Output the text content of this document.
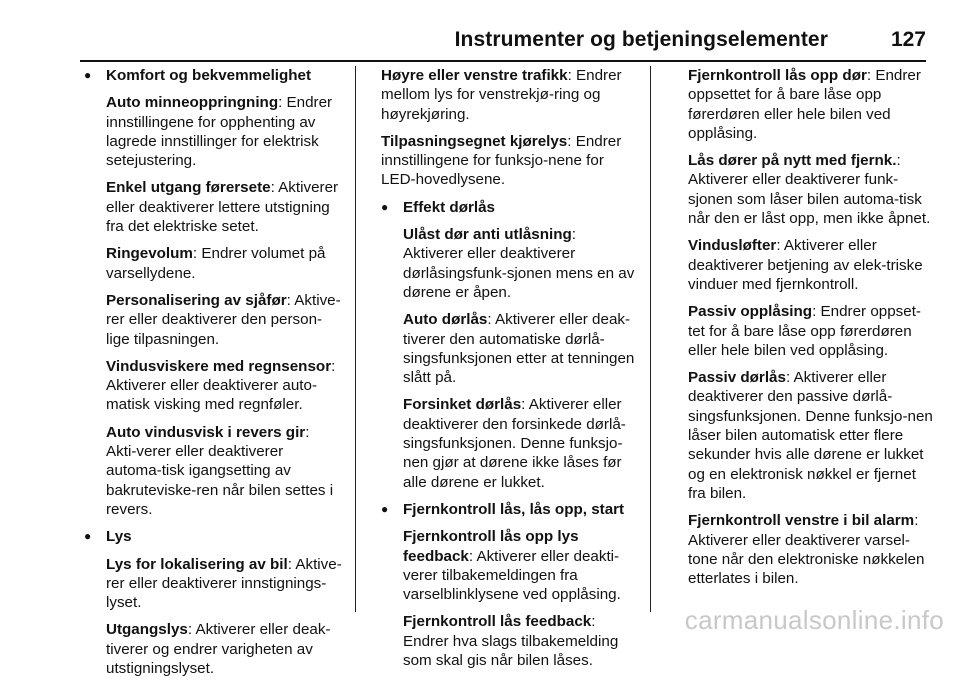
Instrumenter og betjeningselementer	127
● Komfort og bekvemmelighet
Auto minneoppringning: Endrer innstillingene for opphenting av lagrede innstillinger for elektrisk setejustering.
Enkel utgang førersete: Aktiverer eller deaktiverer lettere utstigning fra det elektriske setet.
Ringevolum: Endrer volumet på varsellydene.
Personalisering av sjåfør: Aktive-rer eller deaktiverer den person-lige tilpasningen.
Vindusviskere med regnsensor: Aktiverer eller deaktiverer auto-matisk visking med regnføler.
Auto vindusvisk i revers gir: Akti-verer eller deaktiverer automa-tisk igangsetting av bakruteviske-ren når bilen settes i revers.
● Lys
Lys for lokalisering av bil: Aktive-rer eller deaktiverer innstignings-lyset.
Utgangslys: Aktiverer eller deak-tiverer og endrer varigheten av utstigningslyset.
Høyre eller venstre trafikk: Endrer mellom lys for venstrekjø-ring og høyrekjøring.
Tilpasningsegnet kjørelys: Endrer innstillingene for funksjo-nene for LED-hovedlysene.
● Effekt dørlås
Ulåst dør anti utlåsning: Aktiverer eller deaktiverer dørlåsingsfunk-sjonen mens en av dørene er åpen.
Auto dørlås: Aktiverer eller deak-tiverer den automatiske dørlå-singsfunksjonen etter at tenningen slått på.
Forsinket dørlås: Aktiverer eller deaktiverer den forsinkede dørlå-singsfunksjonen. Denne funksjo-nen gjør at dørene ikke låses før alle dørene er lukket.
● Fjernkontroll lås, lås opp, start
Fjernkontroll lås opp lys feedback: Aktiverer eller deakti-verer tilbakemeldingen fra varselblinklysene ved opplåsing.
Fjernkontroll lås feedback: Endrer hva slags tilbakemelding som skal gis når bilen låses.
Fjernkontroll lås opp dør: Endrer oppsettet for å bare låse opp førerdøren eller hele bilen ved opplåsing.
Lås dører på nytt med fjernk.: Aktiverer eller deaktiverer funk-sjonen som låser bilen automa-tisk når den er låst opp, men ikke åpnet.
Vindusløfter: Aktiverer eller deaktiverer betjening av elek-triske vinduer med fjernkontroll.
Passiv opplåsing: Endrer oppset-tet for å bare låse opp førerdøren eller hele bilen ved opplåsing.
Passiv dørlås: Aktiverer eller deaktiverer den passive dørlå-singsfunksjonen. Denne funksjo-nen låser bilen automatisk etter flere sekunder hvis alle dørene er lukket og en elektronisk nøkkel er fjernet fra bilen.
Fjernkontroll venstre i bil alarm: Aktiverer eller deaktiverer varsel-tone når den elektroniske nøkkelen etterlates i bilen.
carmanualsonline.info
